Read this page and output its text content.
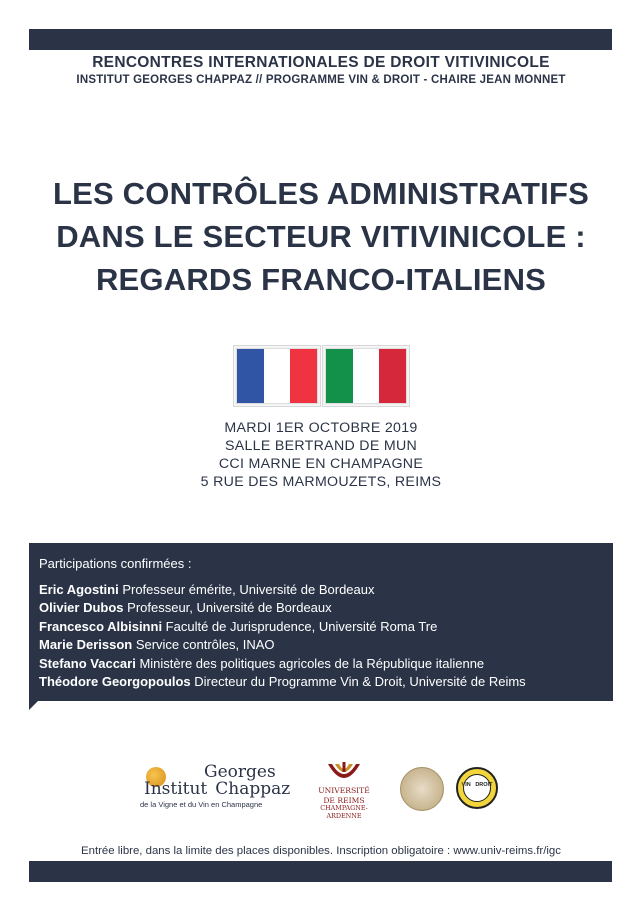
RENCONTRES INTERNATIONALES DE DROIT VITIVINICOLE
INSTITUT GEORGES CHAPPAZ // PROGRAMME VIN & DROIT - CHAIRE JEAN MONNET
LES CONTRÔLES ADMINISTRATIFS
DANS LE SECTEUR VITIVINICOLE :
REGARDS FRANCO-ITALIENS
MARDI 1ER OCTOBRE 2019
SALLE BERTRAND DE MUN
CCI MARNE EN CHAMPAGNE
5 RUE DES MARMOUZETS, REIMS
Participations confirmées :
Eric Agostini Professeur émérite, Université de Bordeaux
Olivier Dubos Professeur, Université de Bordeaux
Francesco Albisinni Faculté de Jurisprudence, Université Roma Tre
Marie Derisson Service contrôles, INAO
Stefano Vaccari Ministère des politiques agricoles de la République italienne
Théodore Georgopoulos Directeur du Programme Vin & Droit, Université de Reims
Georges
Institut Chappaz
de la Vigne et du Vin en Champagne
UNIVERSITÉ
DE REIMS
CHAMPAGNE-ARDENNE
VIN DROIT
Entrée libre, dans la limite des places disponibles. Inscription obligatoire : www.univ-reims.fr/igc
